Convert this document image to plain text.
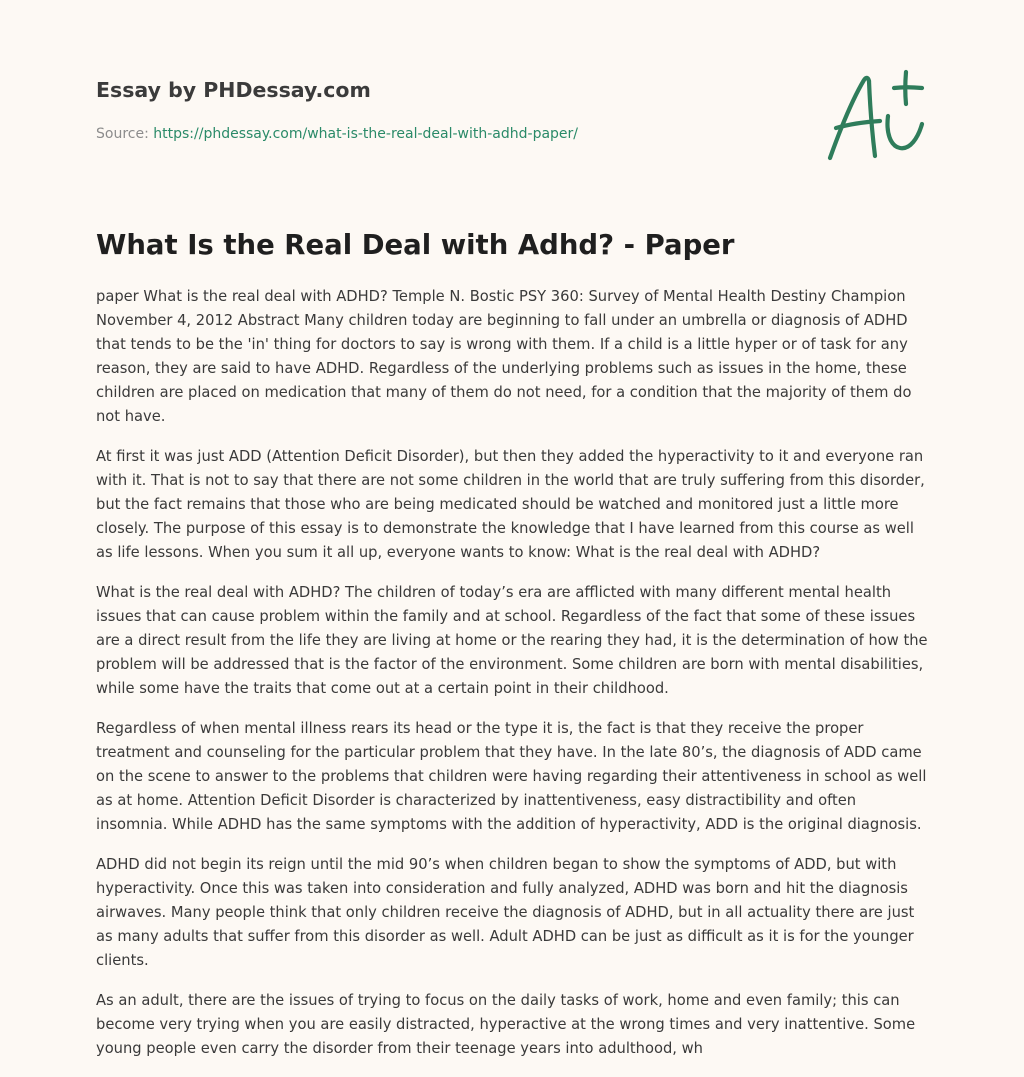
Essay by PHDessay.com
Source: https://phdessay.com/what-is-the-real-deal-with-adhd-paper/
What Is the Real Deal with Adhd? - Paper

paper What is the real deal with ADHD? Temple N. Bostic PSY 360: Survey of Mental Health Destiny Champion November 4, 2012 Abstract Many children today are beginning to fall under an umbrella or diagnosis of ADHD that tends to be the 'in' thing for doctors to say is wrong with them. If a child is a little hyper or of task for any reason, they are said to have ADHD. Regardless of the underlying problems such as issues in the home, these children are placed on medication that many of them do not need, for a condition that the majority of them do not have.

At first it was just ADD (Attention Deficit Disorder), but then they added the hyperactivity to it and everyone ran with it. That is not to say that there are not some children in the world that are truly suffering from this disorder, but the fact remains that those who are being medicated should be watched and monitored just a little more closely. The purpose of this essay is to demonstrate the knowledge that I have learned from this course as well as life lessons. When you sum it all up, everyone wants to know: What is the real deal with ADHD?

What is the real deal with ADHD? The children of today’s era are afflicted with many different mental health issues that can cause problem within the family and at school. Regardless of the fact that some of these issues are a direct result from the life they are living at home or the rearing they had, it is the determination of how the problem will be addressed that is the factor of the environment. Some children are born with mental disabilities, while some have the traits that come out at a certain point in their childhood.

Regardless of when mental illness rears its head or the type it is, the fact is that they receive the proper treatment and counseling for the particular problem that they have. In the late 80’s, the diagnosis of ADD came on the scene to answer to the problems that children were having regarding their attentiveness in school as well as at home. Attention Deficit Disorder is characterized by inattentiveness, easy distractibility and often insomnia. While ADHD has the same symptoms with the addition of hyperactivity, ADD is the original diagnosis.

ADHD did not begin its reign until the mid 90’s when children began to show the symptoms of ADD, but with hyperactivity. Once this was taken into consideration and fully analyzed, ADHD was born and hit the diagnosis airwaves. Many people think that only children receive the diagnosis of ADHD, but in all actuality there are just as many adults that suffer from this disorder as well. Adult ADHD can be just as difficult as it is for the younger clients.

As an adult, there are the issues of trying to focus on the daily tasks of work, home and even family; this can become very trying when you are easily distracted, hyperactive at the wrong times and very inattentive. Some young people even carry the disorder from their teenage years into adulthood, wh
